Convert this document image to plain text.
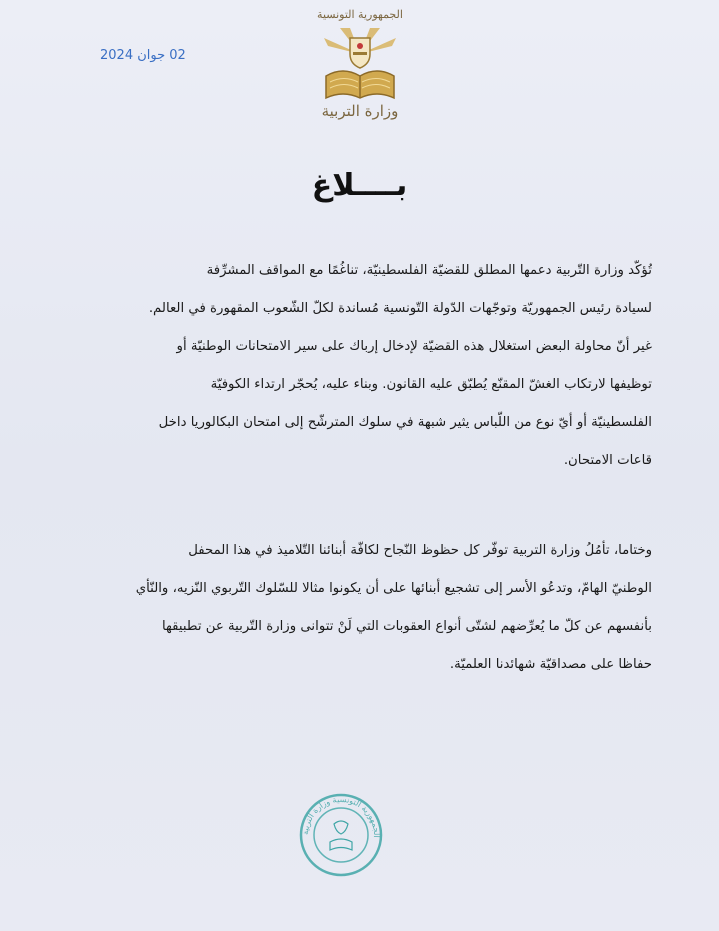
02 جوان 2024
الجمهورية التونسية
وزارة التربية
بــــلاغ
تُؤكّد وزارة التّربية دعمها المطلق للقضيّة الفلسطينيّة، تناغُمًا مع المواقف المشرِّفة
لسيادة رئيس الجمهوريّة وتوجّهات الدّولة التّونسية مُساندة لكلّ الشّعوب المقهورة في العالم.
غير أنّ محاولة البعض استغلال هذه القضيّة لإدخال إرباك على سير الامتحانات الوطنيّة أو
توظيفها لارتكاب الغشّ المقنّع يُطبّق عليه القانون. وبناء عليه، يُحجّر ارتداء الكوفيّة
الفلسطينيّة أو أيّ نوع من اللّباس يثير شبهة في سلوك المترشّح إلى امتحان البكالوريا داخل
قاعات الامتحان.
وختاما، تأمُلُ وزارة التربية توفّر كل حظوظ النّجاح لكافّة أبنائنا التّلاميذ في هذا المحفل
الوطنيّ الهامّ، وتدعُو الأسر إلى تشجيع أبنائها على أن يكونوا مثالا للسّلوك التّربوي النّزيه، والنّأي
بأنفسهم عن كلّ ما يُعرِّضهم لشتّى أنواع العقوبات التي لَنْ تتوانى وزارة التّربية عن تطبيقها
حفاظا على مصداقيّة شهائدنا العلميّة.
الجمهورية التونسية وزارة التربية
